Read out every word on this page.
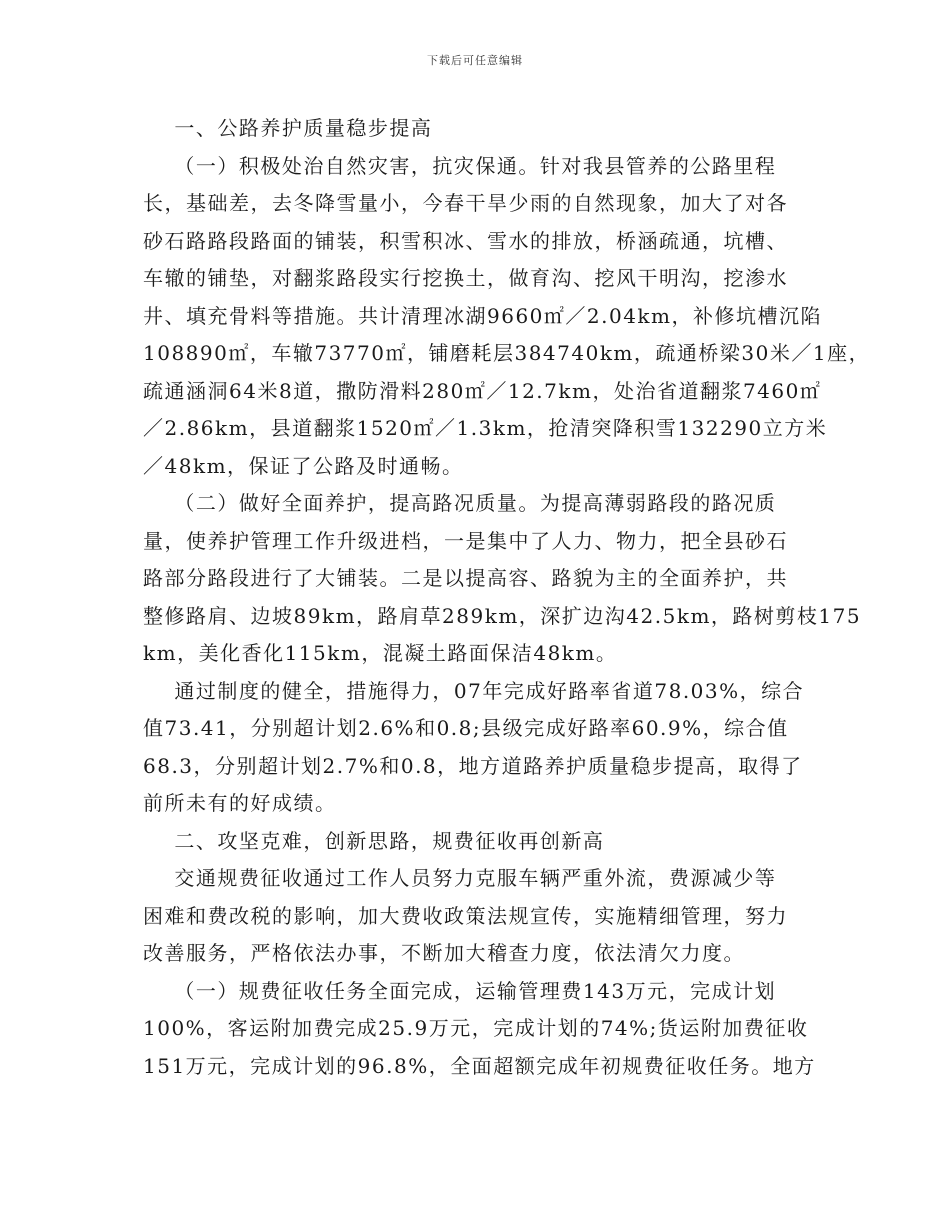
下载后可任意编辑
一、公路养护质量稳步提高
（一）积极处治自然灾害，抗灾保通。针对我县管养的公路里程
长，基础差，去冬降雪量小，今春干旱少雨的自然现象，加大了对各
砂石路路段路面的铺装，积雪积冰、雪水的排放，桥涵疏通，坑槽、
车辙的铺垫，对翻浆路段实行挖换土，做育沟、挖风干明沟，挖渗水
井、填充骨料等措施。共计清理冰湖9660㎡／2.04km，补修坑槽沉陷
108890㎡，车辙73770㎡，铺磨耗层384740km，疏通桥梁30米／1座，
疏通涵洞64米8道，撒防滑料280㎡／12.7km，处治省道翻浆7460㎡
／2.86km，县道翻浆1520㎡／1.3km，抢清突降积雪132290立方米
／48km，保证了公路及时通畅。
（二）做好全面养护，提高路况质量。为提高薄弱路段的路况质
量，使养护管理工作升级进档，一是集中了人力、物力，把全县砂石
路部分路段进行了大铺装。二是以提高容、路貌为主的全面养护，共
整修路肩、边坡89km，路肩草289km，深扩边沟42.5km，路树剪枝175
km，美化香化115km，混凝土路面保洁48km。
通过制度的健全，措施得力，07年完成好路率省道78.03%，综合
值73.41，分别超计划2.6%和0.8;县级完成好路率60.9%，综合值
68.3，分别超计划2.7%和0.8，地方道路养护质量稳步提高，取得了
前所未有的好成绩。
二、攻坚克难，创新思路，规费征收再创新高
交通规费征收通过工作人员努力克服车辆严重外流，费源减少等
困难和费改税的影响，加大费收政策法规宣传，实施精细管理，努力
改善服务，严格依法办事，不断加大稽查力度，依法清欠力度。
（一）规费征收任务全面完成，运输管理费143万元，完成计划
100%，客运附加费完成25.9万元，完成计划的74%;货运附加费征收
151万元，完成计划的96.8%，全面超额完成年初规费征收任务。地方
